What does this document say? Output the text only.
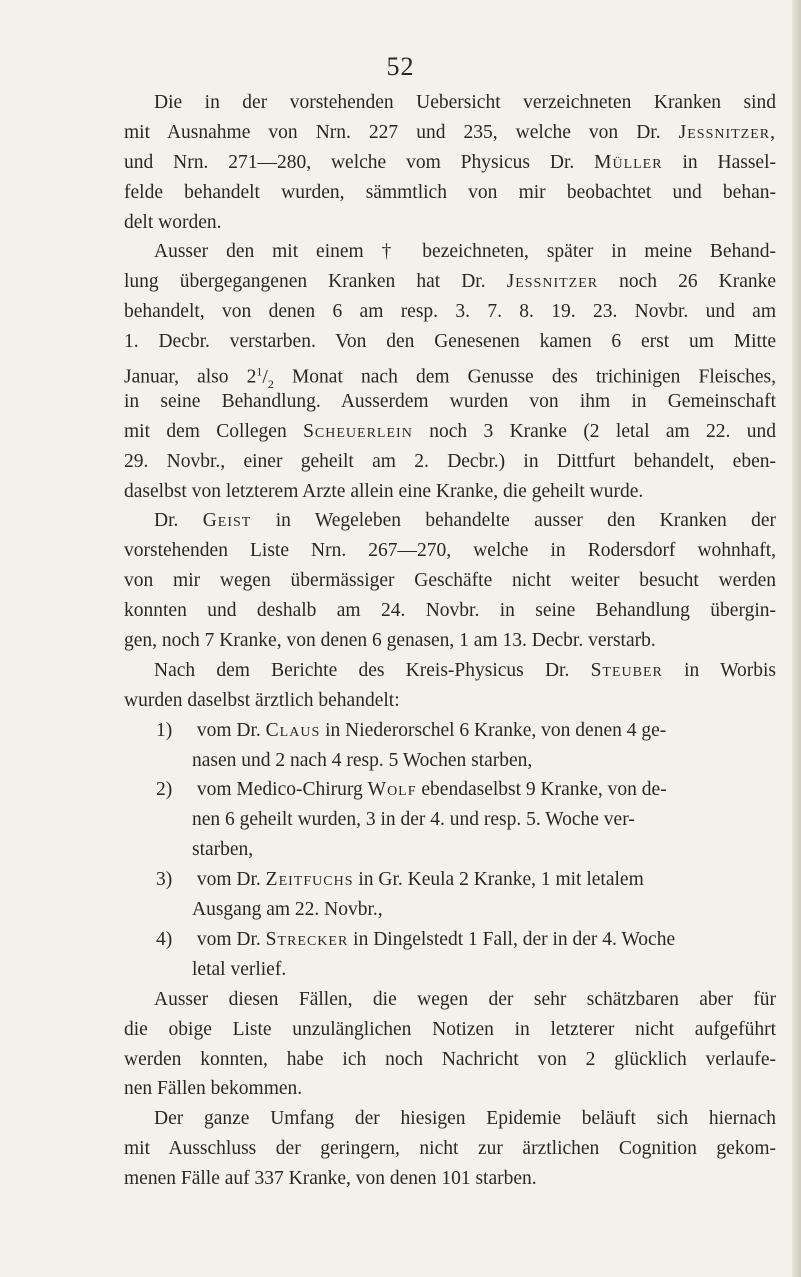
52
Die in der vorstehenden Uebersicht verzeichneten Kranken sind
mit Ausnahme von Nrn. 227 und 235, welche von Dr. Jessnitzer,
und Nrn. 271—280, welche vom Physicus Dr. Müller in Hassel-
felde behandelt wurden, sämmtlich von mir beobachtet und behan-
delt worden.
Ausser den mit einem † bezeichneten, später in meine Behand-
lung übergegangenen Kranken hat Dr. Jessnitzer noch 26 Kranke
behandelt, von denen 6 am resp. 3. 7. 8. 19. 23. Novbr. und am
1. Decbr. verstarben. Von den Genesenen kamen 6 erst um Mitte
Januar, also $2^1/_2$ Monat nach dem Genusse des trichinigen Fleisches,
in seine Behandlung. Ausserdem wurden von ihm in Gemeinschaft
mit dem Collegen Scheuerlein noch 3 Kranke (2 letal am 22. und
29. Novbr., einer geheilt am 2. Decbr.) in Dittfurt behandelt, eben-
daselbst von letzterem Arzte allein eine Kranke, die geheilt wurde.
Dr. Geist in Wegeleben behandelte ausser den Kranken der
vorstehenden Liste Nrn. 267—270, welche in Rodersdorf wohnhaft,
von mir wegen übermässiger Geschäfte nicht weiter besucht werden
konnten und deshalb am 24. Novbr. in seine Behandlung übergin-
gen, noch 7 Kranke, von denen 6 genasen, 1 am 13. Decbr. verstarb.
Nach dem Berichte des Kreis-Physicus Dr. Steuber in Worbis
wurden daselbst ärztlich behandelt:
1) vom Dr. Claus in Niederorschel 6 Kranke, von denen 4 ge-
nasen und 2 nach 4 resp. 5 Wochen starben,
2) vom Medico-Chirurg Wolf ebendaselbst 9 Kranke, von de-
nen 6 geheilt wurden, 3 in der 4. und resp. 5. Woche ver-
starben,
3) vom Dr. Zeitfuchs in Gr. Keula 2 Kranke, 1 mit letalem
Ausgang am 22. Novbr.,
4) vom Dr. Strecker in Dingelstedt 1 Fall, der in der 4. Woche
letal verlief.
Ausser diesen Fällen, die wegen der sehr schätzbaren aber für
die obige Liste unzulänglichen Notizen in letzterer nicht aufgeführt
werden konnten, habe ich noch Nachricht von 2 glücklich verlaufe-
nen Fällen bekommen.
Der ganze Umfang der hiesigen Epidemie beläuft sich hiernach
mit Ausschluss der geringern, nicht zur ärztlichen Cognition gekom-
menen Fälle auf 337 Kranke, von denen 101 starben.
